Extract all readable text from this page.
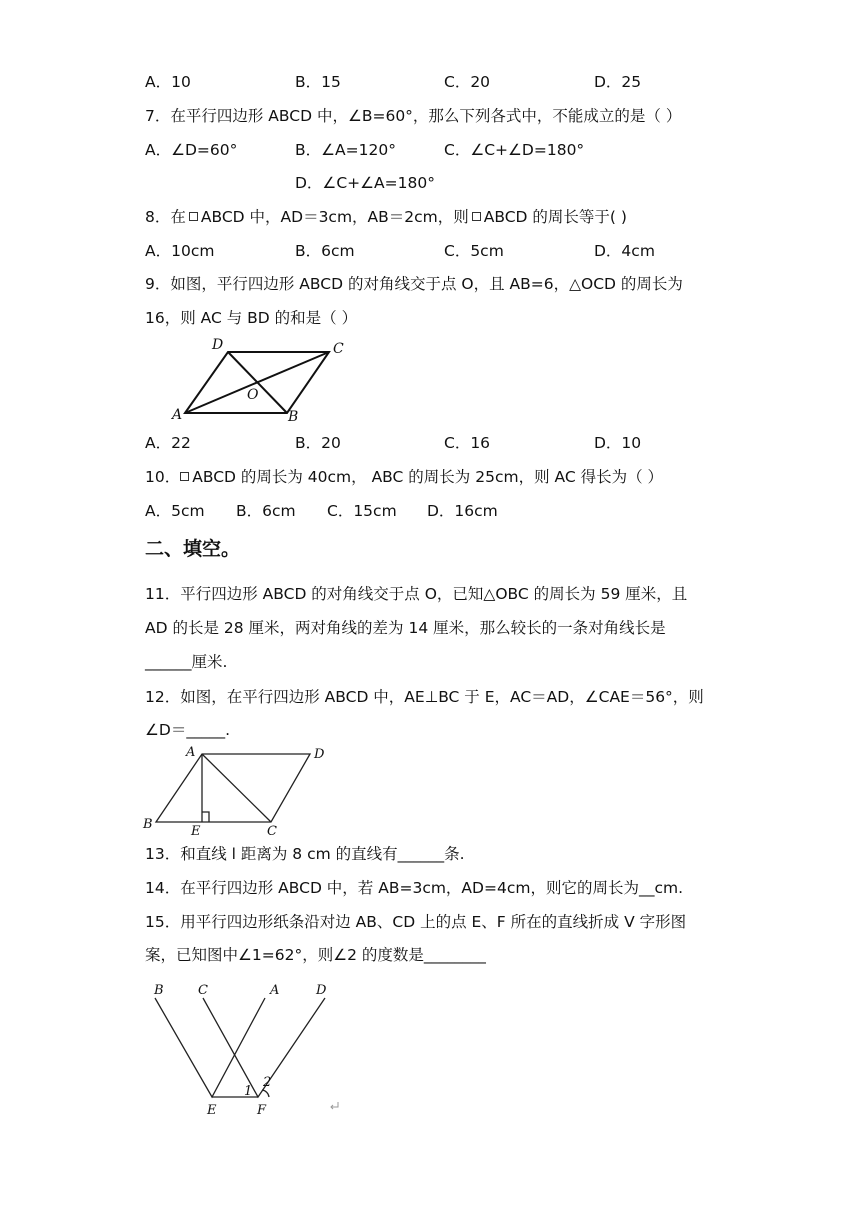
A．10	B．15	C．20	D．25
7．在平行四边形 ABCD 中，∠B=60°，那么下列各式中，不能成立的是（ ）
A．∠D=60°	B．∠A=120°	C．∠C+∠D=180°
D．∠C+∠A=180°
8．在 ABCD 中，AD＝3cm，AB＝2cm，则 ABCD 的周长等于( )
A．10cm	B．6cm	C．5cm	D．4cm
9．如图，平行四边形 ABCD 的对角线交于点 O，且 AB=6，△OCD 的周长为
16，则 AC 与 BD 的和是（ ）
A	B
C
D
O
A．22	B．20	C．16	D．10
10． ABCD 的周长为 40cm， ABC 的周长为 25cm，则 AC 得长为（ ）
A．5cm B．6cm C．15cm D．16cm
二、填空。
11．平行四边形 ABCD 的对角线交于点 O，已知△OBC 的周长为 59 厘米，且
AD 的长是 28 厘米，两对角线的差为 14 厘米，那么较长的一条对角线长是
______厘米.
12．如图，在平行四边形 ABCD 中，AE⊥BC 于 E，AC＝AD，∠CAE＝56°，则
∠D＝_____.
A	D
B	E	C
13．和直线 l 距离为 8 cm 的直线有______条.
14．在平行四边形 ABCD 中，若 AB=3cm，AD=4cm，则它的周长为__cm.
15．用平行四边形纸条沿对边 AB、CD 上的点 E、F 所在的直线折成 V 字形图
案，已知图中∠1=62°，则∠2 的度数是________
B	C	A	D
E	F
1
2
